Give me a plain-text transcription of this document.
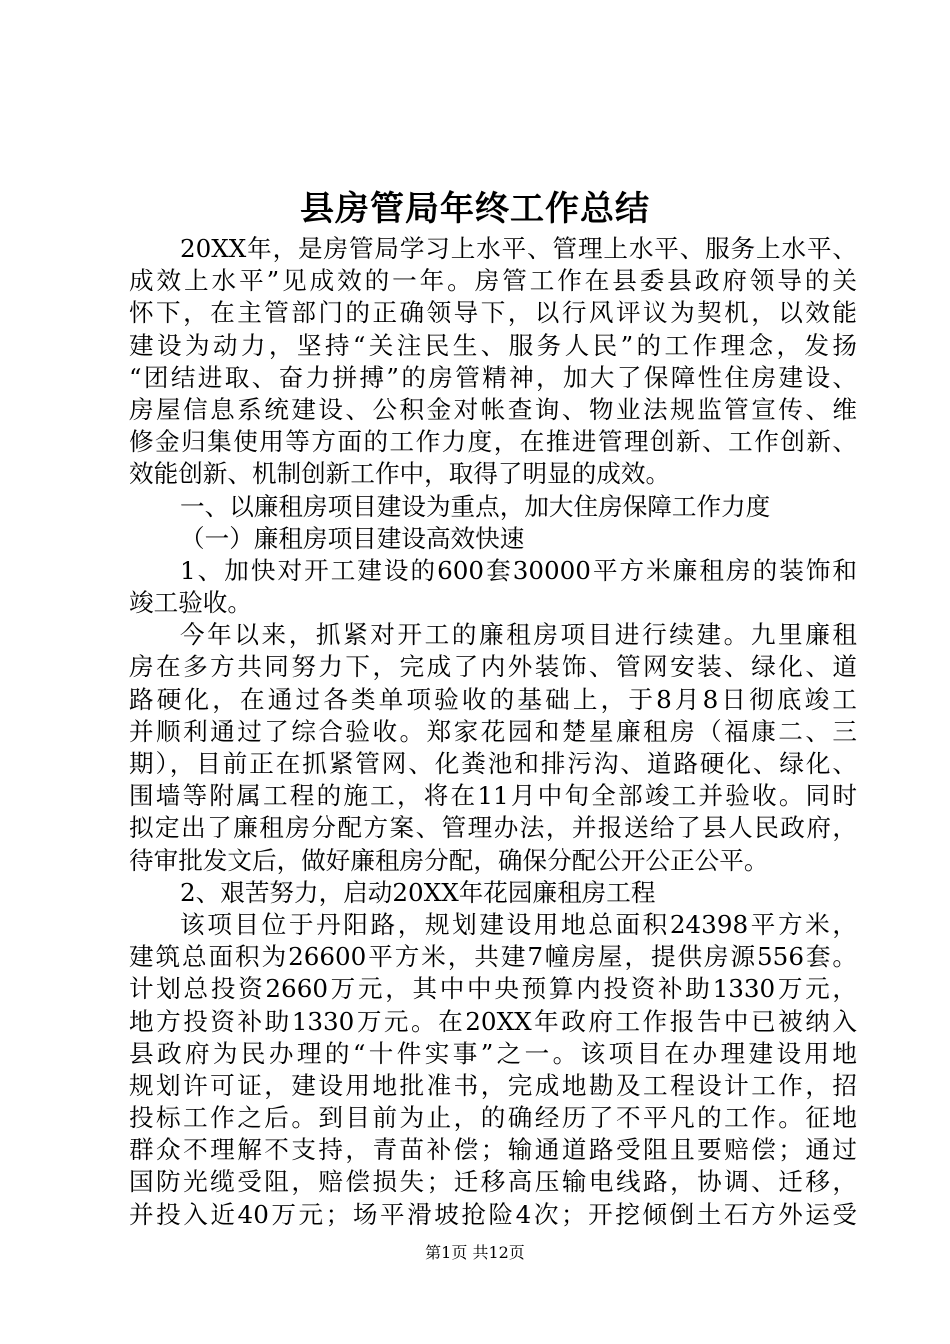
县房管局年终工作总结
20XX年，是房管局学习上水平、管理上水平、服务上水平、
成效上水平”见成效的一年。房管工作在县委县政府领导的关
怀下，在主管部门的正确领导下，以行风评议为契机，以效能
建设为动力，坚持“关注民生、服务人民”的工作理念，发扬
“团结进取、奋力拼搏”的房管精神，加大了保障性住房建设、
房屋信息系统建设、公积金对帐查询、物业法规监管宣传、维
修金归集使用等方面的工作力度，在推进管理创新、工作创新、
效能创新、机制创新工作中，取得了明显的成效。
一、以廉租房项目建设为重点，加大住房保障工作力度
（一）廉租房项目建设高效快速
1、加快对开工建设的600套30000平方米廉租房的装饰和
竣工验收。
今年以来，抓紧对开工的廉租房项目进行续建。九里廉租
房在多方共同努力下，完成了内外装饰、管网安装、绿化、道
路硬化，在通过各类单项验收的基础上，于8月8日彻底竣工
并顺利通过了综合验收。郑家花园和楚星廉租房（福康二、三
期），目前正在抓紧管网、化粪池和排污沟、道路硬化、绿化、
围墙等附属工程的施工，将在11月中旬全部竣工并验收。同时
拟定出了廉租房分配方案、管理办法，并报送给了县人民政府，
待审批发文后，做好廉租房分配，确保分配公开公正公平。
2、艰苦努力，启动20XX年花园廉租房工程
该项目位于丹阳路，规划建设用地总面积24398平方米，
建筑总面积为26600平方米，共建7幢房屋，提供房源556套。
计划总投资2660万元，其中中央预算内投资补助1330万元，
地方投资补助1330万元。在20XX年政府工作报告中已被纳入
县政府为民办理的“十件实事”之一。该项目在办理建设用地
规划许可证，建设用地批准书，完成地勘及工程设计工作，招
投标工作之后。到目前为止，的确经历了不平凡的工作。征地
群众不理解不支持，青苗补偿；输通道路受阻且要赔偿；通过
国防光缆受阻，赔偿损失；迁移高压输电线路，协调、迁移，
并投入近40万元；场平滑坡抢险4次；开挖倾倒土石方外运受
第1页 共12页
